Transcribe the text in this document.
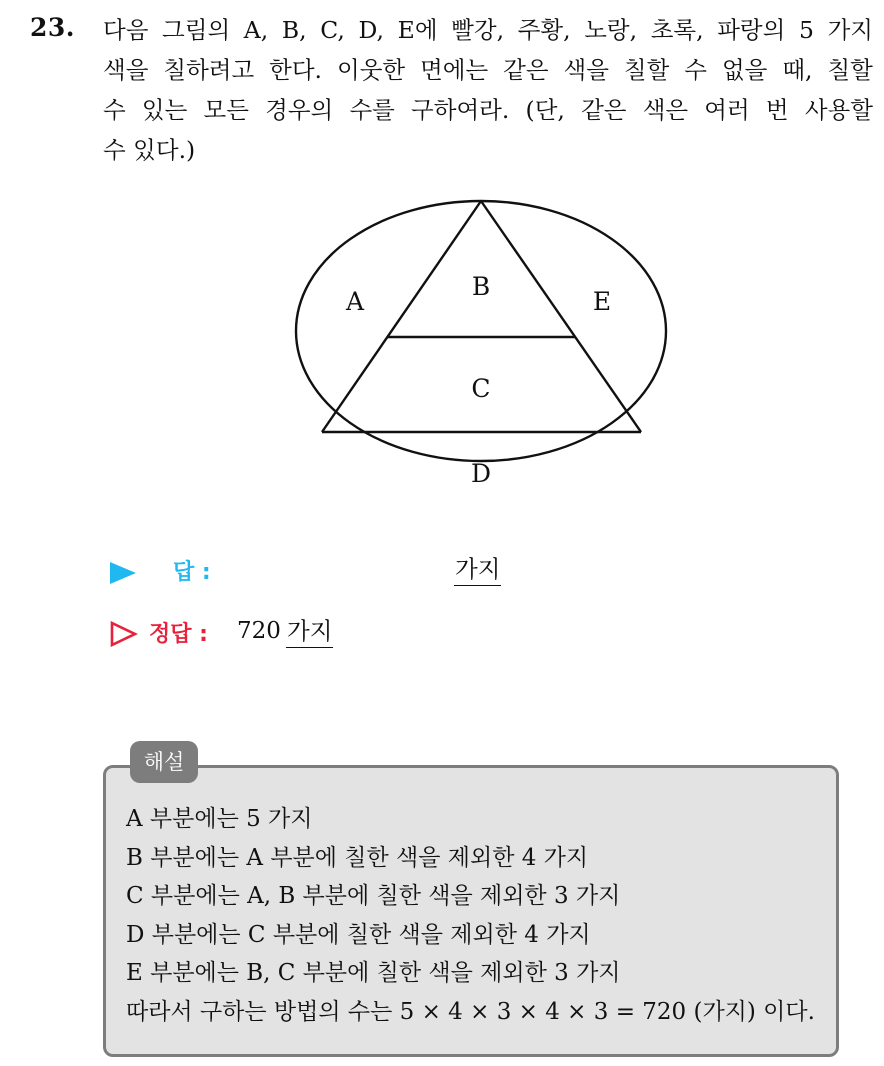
23. 다음 그림의 A, B, C, D, E에 빨강, 주황, 노랑, 초록, 파랑의 5 가지
색을 칠하려고 한다. 이웃한 면에는 같은 색을 칠할 수 없을 때, 칠할
수 있는 모든 경우의 수를 구하여라. (단, 같은 색은 여러 번 사용할
수 있다.)
A
B
E
C
D
답 :	가지
정답 : 720 가지
해설
A 부분에는 5 가지
B 부분에는 A 부분에 칠한 색을 제외한 4 가지
C 부분에는 A, B 부분에 칠한 색을 제외한 3 가지
D 부분에는 C 부분에 칠한 색을 제외한 4 가지
E 부분에는 B, C 부분에 칠한 색을 제외한 3 가지
따라서 구하는 방법의 수는 5 × 4 × 3 × 4 × 3 = 720 (가지) 이다.
